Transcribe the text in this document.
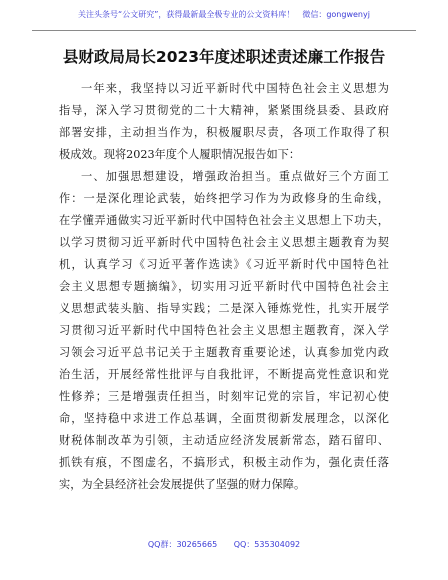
关注头条号“公文研究”，获得最新最全极专业的公文资料库！　微信：gongwenyj
县财政局局长2023年度述职述责述廉工作报告
一年来，我坚持以习近平新时代中国特色社会主义思想为
指导，深入学习贯彻党的二十大精神，紧紧围绕县委、县政府
部署安排，主动担当作为，积极履职尽责，各项工作取得了积
极成效。现将2023年度个人履职情况报告如下：
一、加强思想建设，增强政治担当。重点做好三个方面工
作：一是深化理论武装，始终把学习作为为政修身的生命线，
在学懂弄通做实习近平新时代中国特色社会主义思想上下功夫，
以学习贯彻习近平新时代中国特色社会主义思想主题教育为契
机，认真学习《习近平著作选读》《习近平新时代中国特色社
会主义思想专题摘编》，切实用习近平新时代中国特色社会主
义思想武装头脑、指导实践；二是深入锤炼党性，扎实开展学
习贯彻习近平新时代中国特色社会主义思想主题教育，深入学
习领会习近平总书记关于主题教育重要论述，认真参加党内政
治生活，开展经常性批评与自我批评，不断提高党性意识和党
性修养；三是增强责任担当，时刻牢记党的宗旨，牢记初心使
命，坚持稳中求进工作总基调，全面贯彻新发展理念，以深化
财税体制改革为引领，主动适应经济发展新常态，踏石留印、
抓铁有痕，不图虚名，不搞形式，积极主动作为，强化责任落
实，为全县经济社会发展提供了坚强的财力保障。
QQ群：30265665 QQ：535304092
